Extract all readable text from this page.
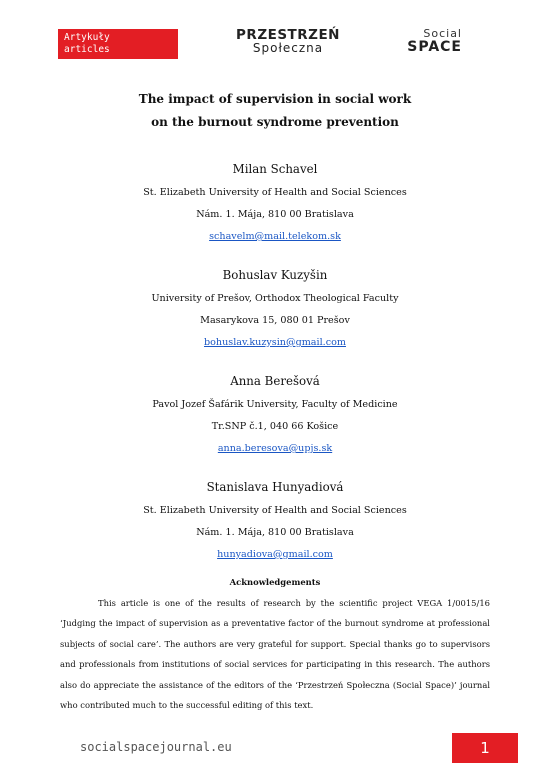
Artykuły
articles
PRZESTRZEŃ
Społeczna
Social
SPACE
The impact of supervision in social work
on the burnout syndrome prevention
Milan Schavel
St. Elizabeth University of Health and Social Sciences
Nám. 1. Mája, 810 00 Bratislava
schavelm@mail.telekom.sk
Bohuslav Kuzyšin
University of Prešov, Orthodox Theological Faculty
Masarykova 15, 080 01 Prešov
bohuslav.kuzysin@gmail.com
Anna Berešová
Pavol Jozef Šafárik University, Faculty of Medicine
Tr.SNP č.1, 040 66 Košice
anna.beresova@upjs.sk
Stanislava Hunyadiová
St. Elizabeth University of Health and Social Sciences
Nám. 1. Mája, 810 00 Bratislava
hunyadiova@gmail.com
Acknowledgements

This article is one of the results of research by the scientific project VEGA 1/0015/16 ‘Judging the impact of supervision as a preventative factor of the burnout syndrome at professional subjects of social care’. The authors are very grateful for support. Special thanks go to supervisors and professionals from institutions of social services for participating in this research. The authors also do appreciate the assistance of the editors of the ‘Przestrzeń Społeczna (Social Space)’ journal who contributed much to the successful editing of this text.

socialspacejournal.eu	1
